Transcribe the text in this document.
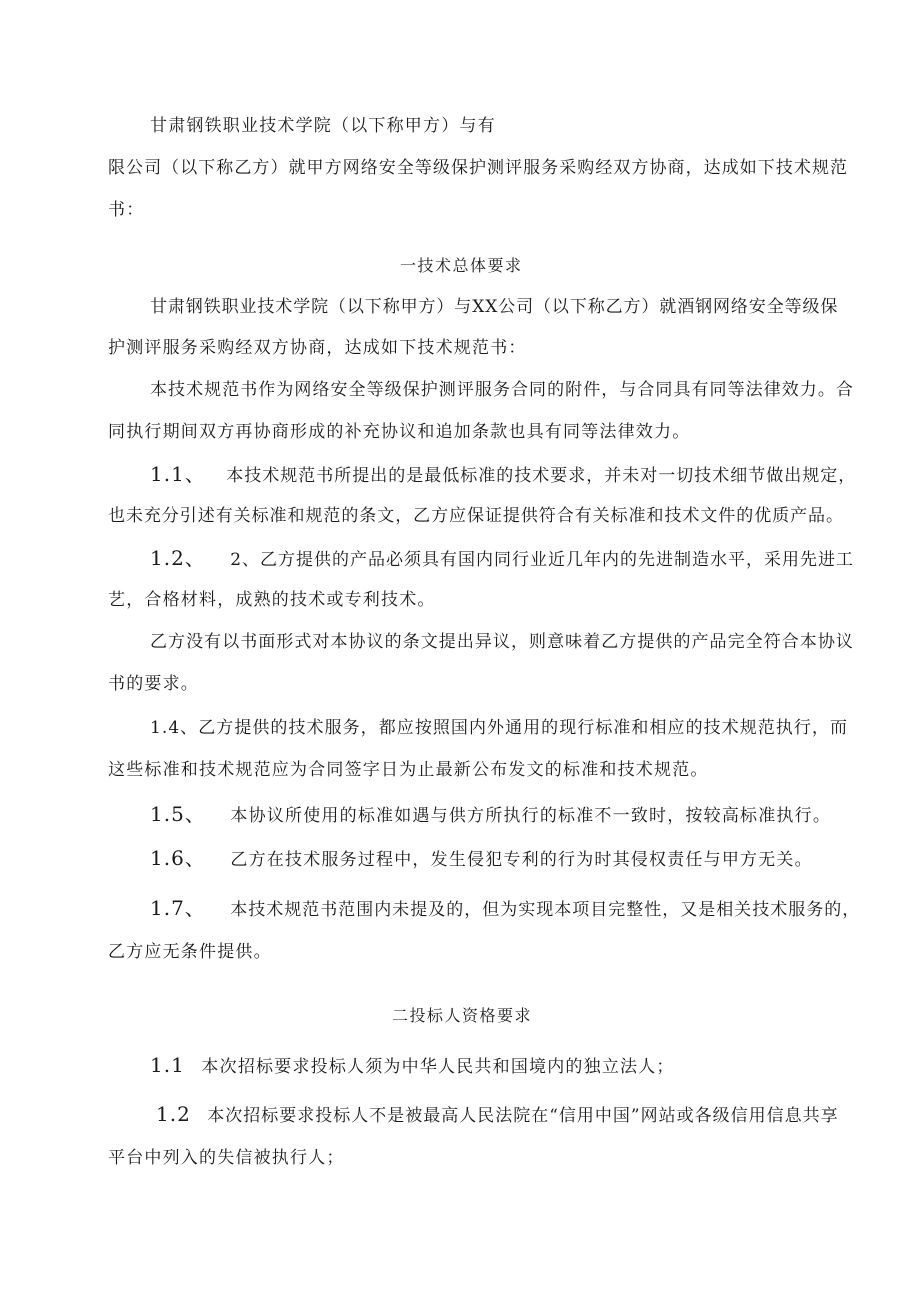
甘肃钢铁职业技术学院（以下称甲方）与有
限公司（以下称乙方）就甲方网络安全等级保护测评服务采购经双方协商，达成如下技术规范
书：
一技术总体要求
甘肃钢铁职业技术学院（以下称甲方）与XX公司（以下称乙方）就酒钢网络安全等级保
护测评服务采购经双方协商，达成如下技术规范书：
本技术规范书作为网络安全等级保护测评服务合同的附件，与合同具有同等法律效力。合
同执行期间双方再协商形成的补充协议和追加条款也具有同等法律效力。
1.1、 本技术规范书所提出的是最低标准的技术要求，并未对一切技术细节做出规定，
也未充分引述有关标准和规范的条文，乙方应保证提供符合有关标准和技术文件的优质产品。
1.2、 2、乙方提供的产品必须具有国内同行业近几年内的先进制造水平，采用先进工
艺，合格材料，成熟的技术或专利技术。
乙方没有以书面形式对本协议的条文提出异议，则意味着乙方提供的产品完全符合本协议
书的要求。
1.4、乙方提供的技术服务，都应按照国内外通用的现行标准和相应的技术规范执行，而
这些标准和技术规范应为合同签字日为止最新公布发文的标准和技术规范。
1.5、 本协议所使用的标准如遇与供方所执行的标准不一致时，按较高标准执行。
1.6、 乙方在技术服务过程中，发生侵犯专利的行为时其侵权责任与甲方无关。
1.7、 本技术规范书范围内未提及的，但为实现本项目完整性，又是相关技术服务的，
乙方应无条件提供。
二投标人资格要求
1.1 本次招标要求投标人须为中华人民共和国境内的独立法人；
1.2 本次招标要求投标人不是被最高人民法院在“信用中国”网站或各级信用信息共享
平台中列入的失信被执行人；
